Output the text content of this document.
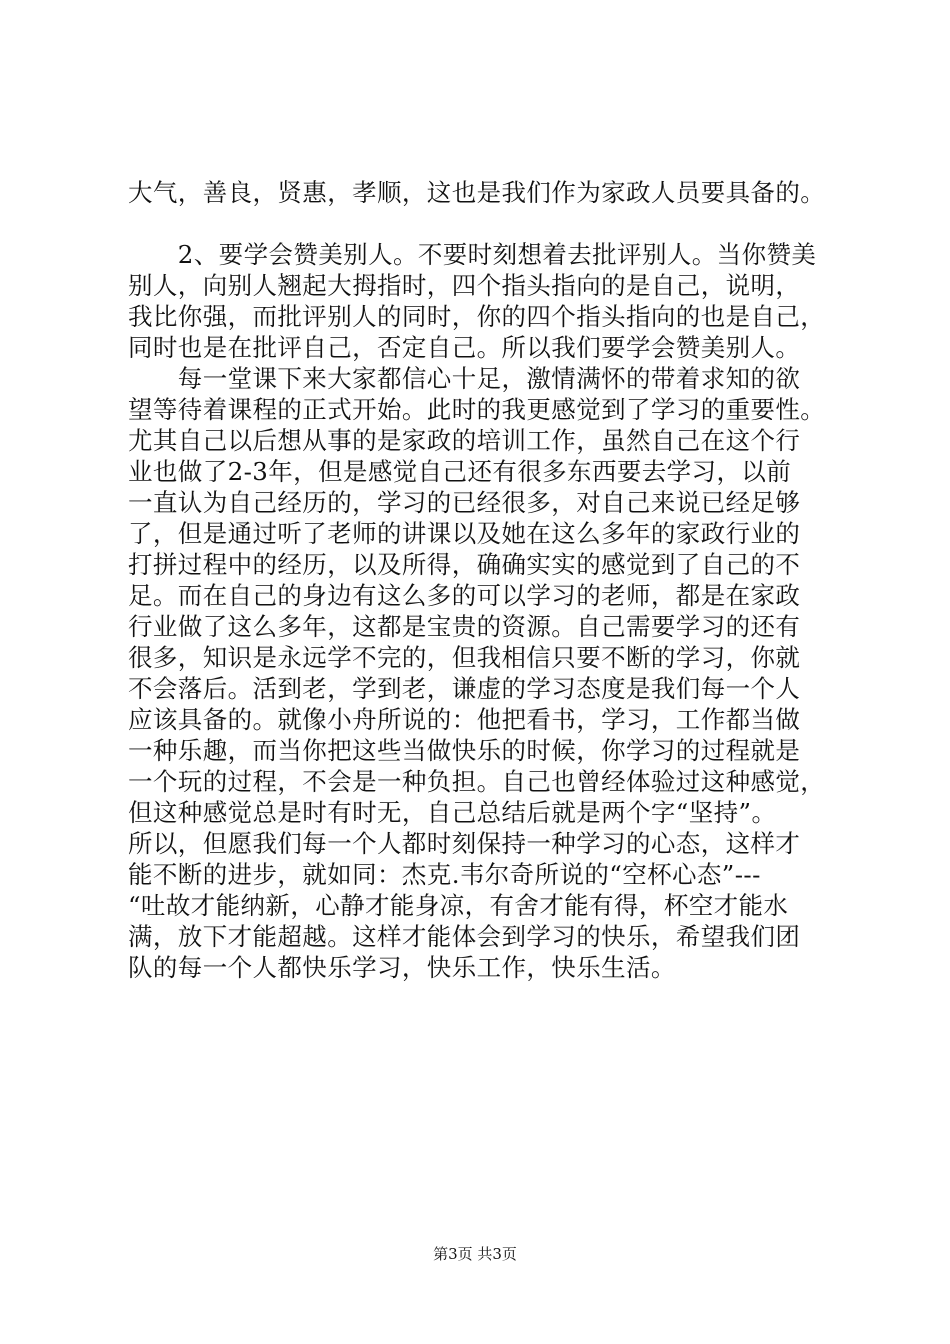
大气，善良，贤惠，孝顺，这也是我们作为家政人员要具备的。
　　2、要学会赞美别人。不要时刻想着去批评别人。当你赞美
别人，向别人翘起大拇指时，四个指头指向的是自己，说明，
我比你强，而批评别人的同时，你的四个指头指向的也是自己，
同时也是在批评自己，否定自己。所以我们要学会赞美别人。
　　每一堂课下来大家都信心十足，激情满怀的带着求知的欲
望等待着课程的正式开始。此时的我更感觉到了学习的重要性。
尤其自己以后想从事的是家政的培训工作，虽然自己在这个行
业也做了2-3年，但是感觉自己还有很多东西要去学习，以前
一直认为自己经历的，学习的已经很多，对自己来说已经足够
了，但是通过听了老师的讲课以及她在这么多年的家政行业的
打拼过程中的经历，以及所得，确确实实的感觉到了自己的不
足。而在自己的身边有这么多的可以学习的老师，都是在家政
行业做了这么多年，这都是宝贵的资源。自己需要学习的还有
很多，知识是永远学不完的，但我相信只要不断的学习，你就
不会落后。活到老，学到老，谦虚的学习态度是我们每一个人
应该具备的。就像小舟所说的：他把看书，学习，工作都当做
一种乐趣，而当你把这些当做快乐的时候，你学习的过程就是
一个玩的过程，不会是一种负担。自己也曾经体验过这种感觉，
但这种感觉总是时有时无，自己总结后就是两个字“坚持”。
所以，但愿我们每一个人都时刻保持一种学习的心态，这样才
能不断的进步，就如同：杰克.韦尔奇所说的“空杯心态”---
“吐故才能纳新，心静才能身凉，有舍才能有得，杯空才能水
满，放下才能超越。这样才能体会到学习的快乐，希望我们团
队的每一个人都快乐学习，快乐工作，快乐生活。
第3页 共3页
